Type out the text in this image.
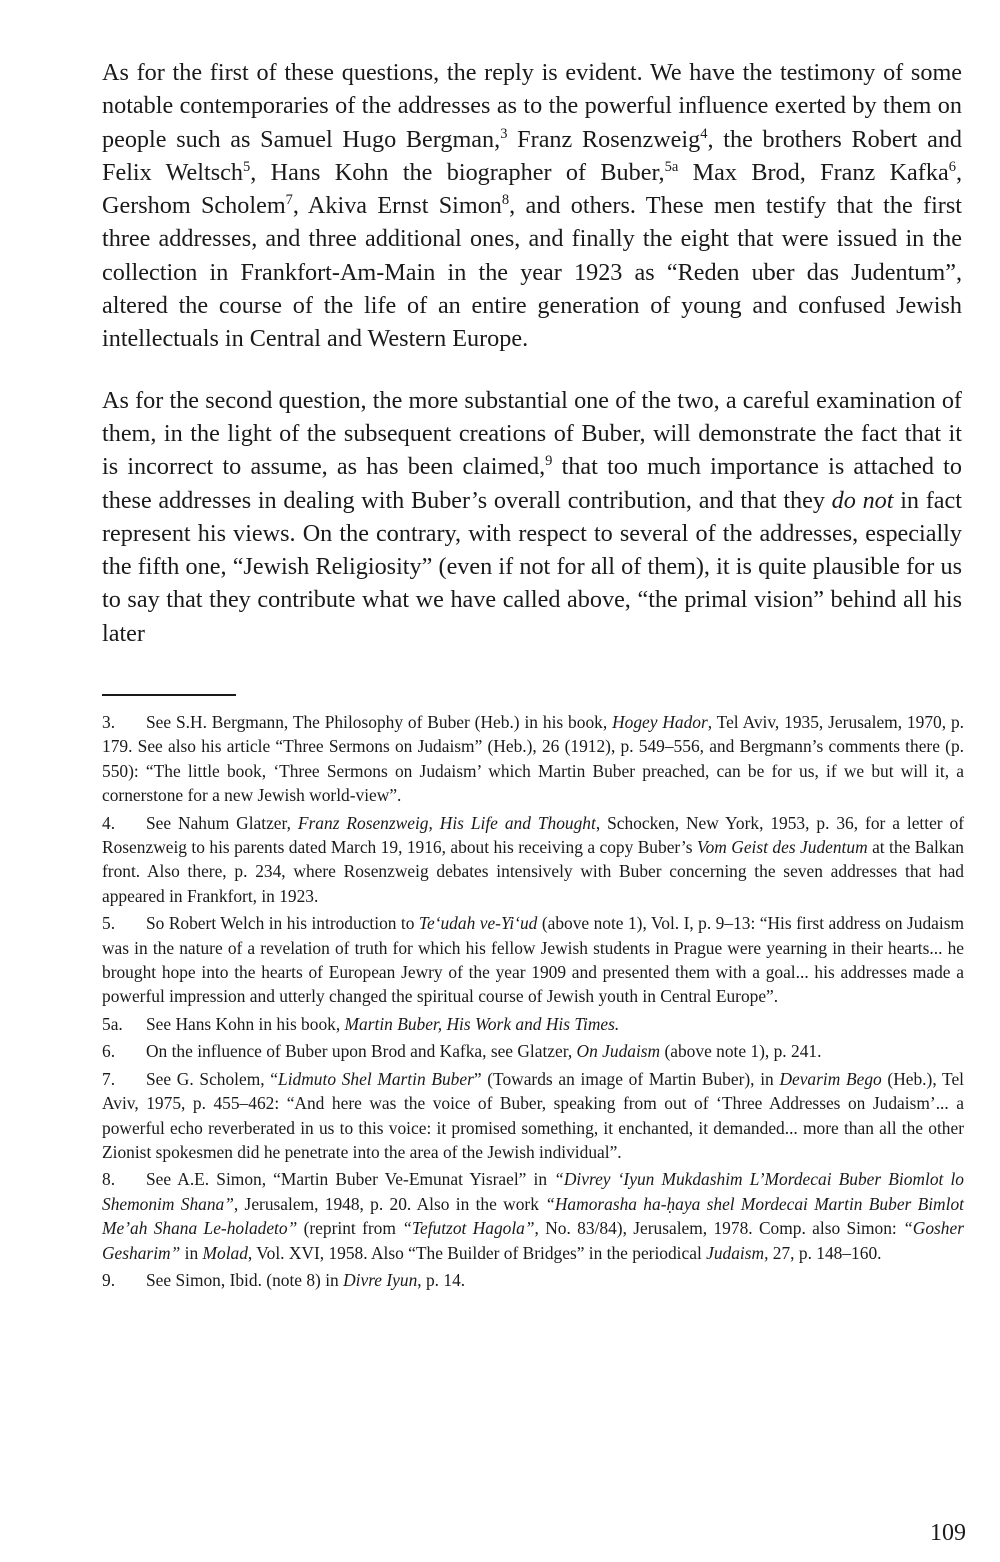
As for the first of these questions, the reply is evident. We have the testimony of some notable contemporaries of the addresses as to the powerful influence exerted by them on people such as Samuel Hugo Bergman,$^3$ Franz Rosenzweig$^4$, the brothers Robert and Felix Weltsch$^5$, Hans Kohn the biographer of Buber,$^{5a}$ Max Brod, Franz Kafka$^6$, Gershom Scholem$^7$, Akiva Ernst Simon$^8$, and others. These men testify that the first three addresses, and three additional ones, and finally the eight that were issued in the collection in Frankfort-Am-Main in the year 1923 as “Reden uber das Judentum”, altered the course of the life of an entire generation of young and confused Jewish intellectuals in Central and Western Europe.

As for the second question, the more substantial one of the two, a careful examination of them, in the light of the subsequent creations of Buber, will demonstrate the fact that it is incorrect to assume, as has been claimed,$^9$ that too much importance is attached to these addresses in dealing with Buber’s overall contribution, and that they do not in fact represent his views. On the contrary, with respect to several of the addresses, especially the fifth one, “Jewish Religiosity” (even if not for all of them), it is quite plausible for us to say that they contribute what we have called above, “the primal vision” behind all his later

3. See S.H. Bergmann, The Philosophy of Buber (Heb.) in his book, Hogey Hador, Tel Aviv, 1935, Jerusalem, 1970, p. 179. See also his article “Three Sermons on Judaism” (Heb.), 26 (1912), p. 549–556, and Bergmann’s comments there (p. 550): “The little book, ‘Three Sermons on Judaism’ which Martin Buber preached, can be for us, if we but will it, a cornerstone for a new Jewish world-view”.
4. See Nahum Glatzer, Franz Rosenzweig, His Life and Thought, Schocken, New York, 1953, p. 36, for a letter of Rosenzweig to his parents dated March 19, 1916, about his receiving a copy Buber’s Vom Geist des Judentum at the Balkan front. Also there, p. 234, where Rosenzweig debates intensively with Buber concerning the seven addresses that had appeared in Frankfort, in 1923.
5. So Robert Welch in his introduction to Te‘udah ve-Yi‘ud (above note 1), Vol. I, p. 9–13: “His first address on Judaism was in the nature of a revelation of truth for which his fellow Jewish students in Prague were yearning in their hearts... he brought hope into the hearts of European Jewry of the year 1909 and presented them with a goal... his addresses made a powerful impression and utterly changed the spiritual course of Jewish youth in Central Europe”.
5a. See Hans Kohn in his book, Martin Buber, His Work and His Times.
6. On the influence of Buber upon Brod and Kafka, see Glatzer, On Judaism (above note 1), p. 241.
7. See G. Scholem, “Lidmuto Shel Martin Buber” (Towards an image of Martin Buber), in Devarim Bego (Heb.), Tel Aviv, 1975, p. 455–462: “And here was the voice of Buber, speaking from out of ‘Three Addresses on Judaism’... a powerful echo reverberated in us to this voice: it promised something, it enchanted, it demanded... more than all the other Zionist spokesmen did he penetrate into the area of the Jewish individual”.
8. See A.E. Simon, “Martin Buber Ve-Emunat Yisrael” in “Divrey ‘Iyun Mukdashim L’Mordecai Buber Biomlot lo Shemonim Shana”, Jerusalem, 1948, p. 20. Also in the work “Hamorasha ha-ḥaya shel Mordecai Martin Buber Bimlot Me’ah Shana Le-holadeto” (reprint from “Tefutzot Hagola”, No. 83/84), Jerusalem, 1978. Comp. also Simon: “Gosher Gesharim” in Molad, Vol. XVI, 1958. Also “The Builder of Bridges” in the periodical Judaism, 27, p. 148–160.
9. See Simon, Ibid. (note 8) in Divre Iyun, p. 14.
109
